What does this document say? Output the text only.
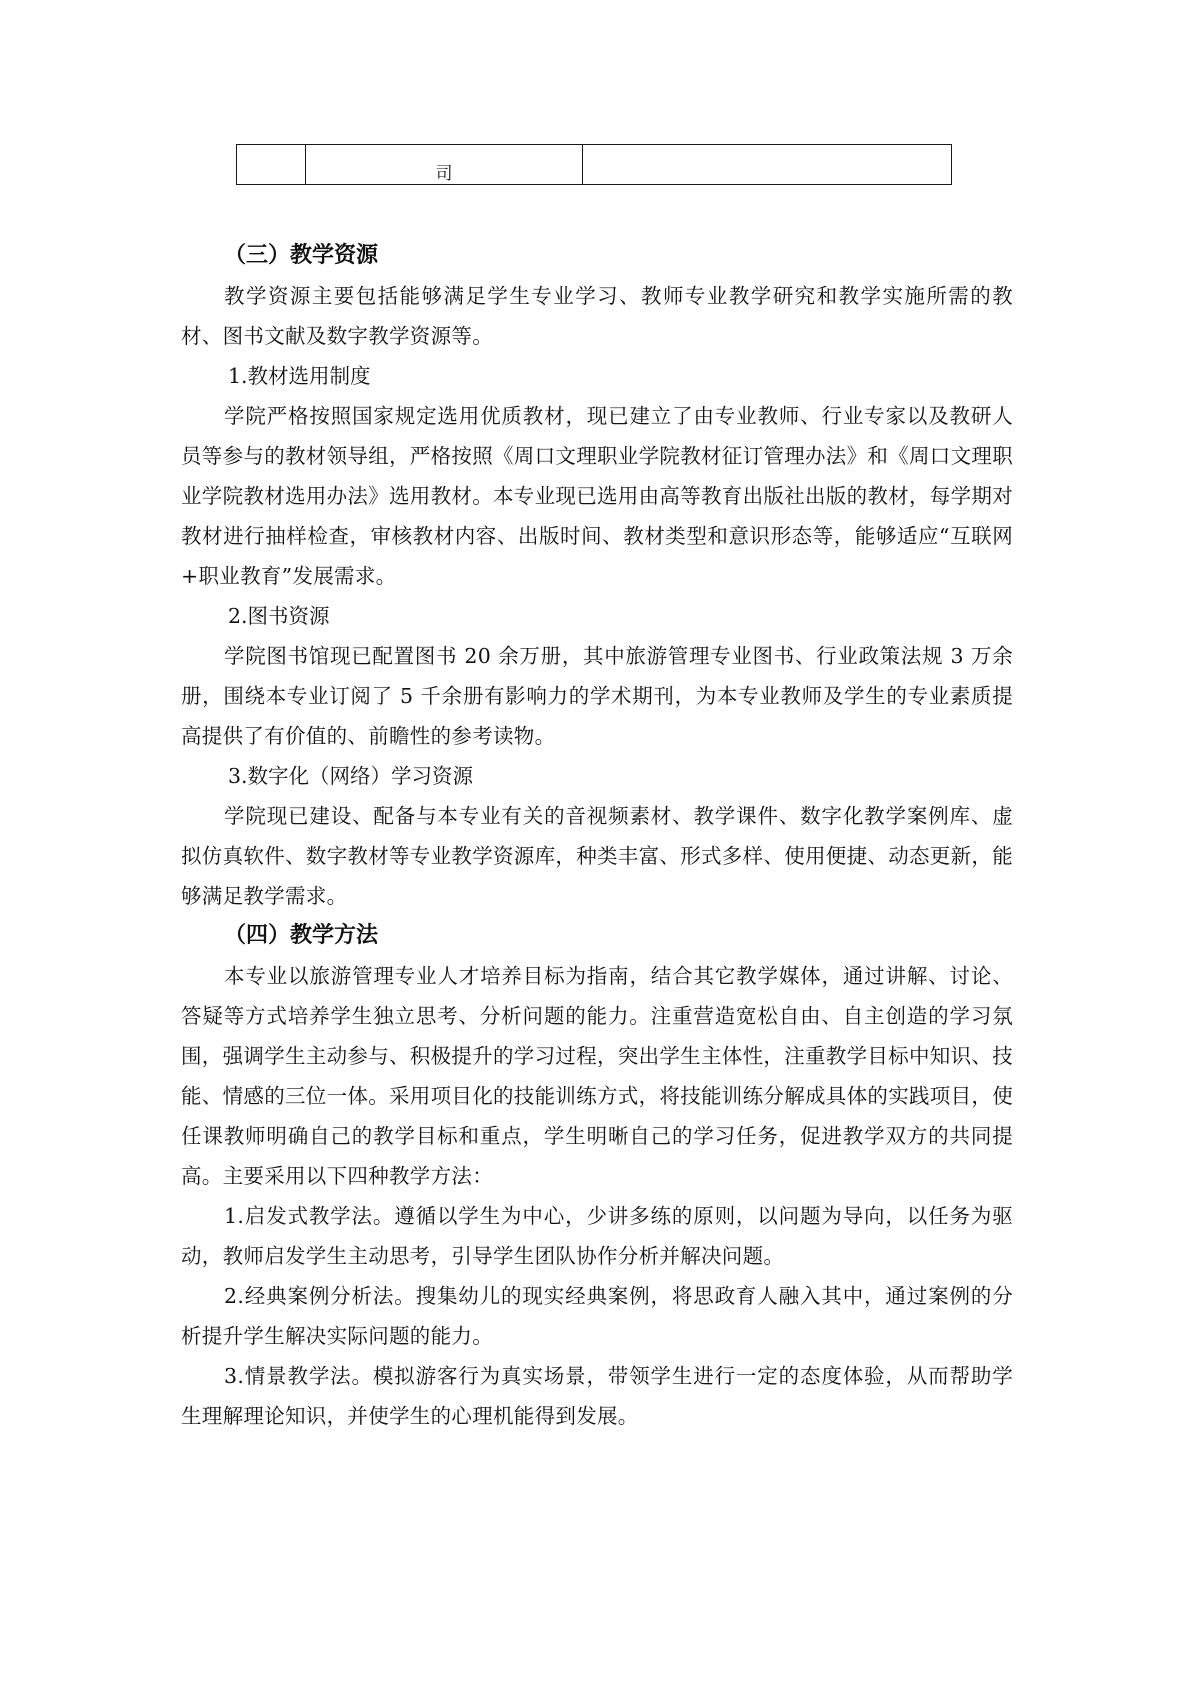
	司	
（三）教学资源

教学资源主要包括能够满足学生专业学习、教师专业教学研究和教学实施所需的教材、图书文献及数字教学资源等。

1.教材选用制度

学院严格按照国家规定选用优质教材，现已建立了由专业教师、行业专家以及教研人员等参与的教材领导组，严格按照《周口文理职业学院教材征订管理办法》和《周口文理职业学院教材选用办法》选用教材。本专业现已选用由高等教育出版社出版的教材，每学期对教材进行抽样检查，审核教材内容、出版时间、教材类型和意识形态等，能够适应“互联网+职业教育”发展需求。

2.图书资源

学院图书馆现已配置图书 20 余万册，其中旅游管理专业图书、行业政策法规 3 万余册，围绕本专业订阅了 5 千余册有影响力的学术期刊，为本专业教师及学生的专业素质提高提供了有价值的、前瞻性的参考读物。

3.数字化（网络）学习资源

学院现已建设、配备与本专业有关的音视频素材、教学课件、数字化教学案例库、虚拟仿真软件、数字教材等专业教学资源库，种类丰富、形式多样、使用便捷、动态更新，能够满足教学需求。

（四）教学方法

本专业以旅游管理专业人才培养目标为指南，结合其它教学媒体，通过讲解、讨论、答疑等方式培养学生独立思考、分析问题的能力。注重营造宽松自由、自主创造的学习氛围，强调学生主动参与、积极提升的学习过程，突出学生主体性，注重教学目标中知识、技能、情感的三位一体。采用项目化的技能训练方式，将技能训练分解成具体的实践项目，使任课教师明确自己的教学目标和重点，学生明晰自己的学习任务，促进教学双方的共同提高。主要采用以下四种教学方法：

1.启发式教学法。遵循以学生为中心，少讲多练的原则，以问题为导向，以任务为驱动，教师启发学生主动思考，引导学生团队协作分析并解决问题。

2.经典案例分析法。搜集幼儿的现实经典案例，将思政育人融入其中，通过案例的分析提升学生解决实际问题的能力。

3.情景教学法。模拟游客行为真实场景，带领学生进行一定的态度体验，从而帮助学生理解理论知识，并使学生的心理机能得到发展。
